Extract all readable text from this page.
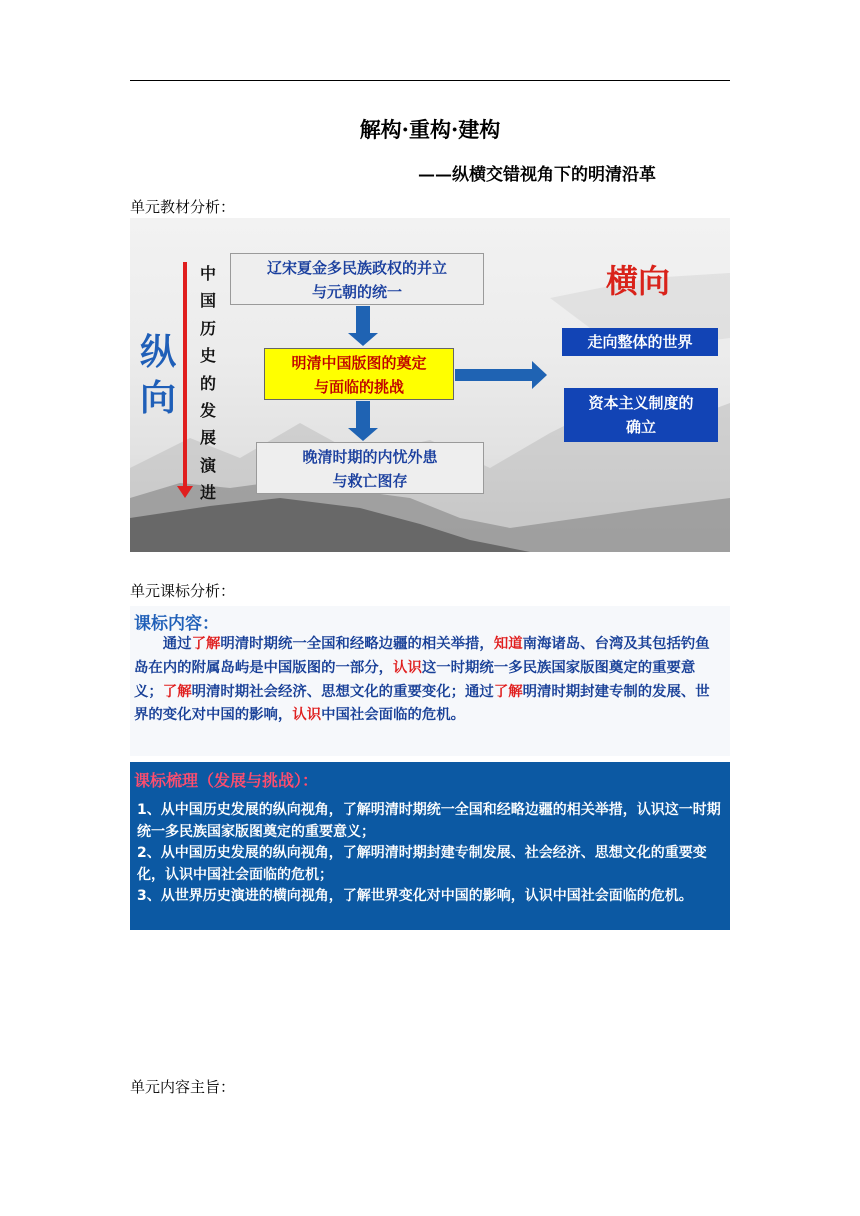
解构·重构·建构
——纵横交错视角下的明清沿革
单元教材分析：
纵向
横向
中国历史的发展演进
辽宋夏金多民族政权的并立
与元朝的统一
明清中国版图的奠定
与面临的挑战
晚清时期的内忧外患
与救亡图存
走向整体的世界
资本主义制度的
确立
单元课标分析：
课标内容：
　　通过了解明清时期统一全国和经略边疆的相关举措，知道南海诸岛、台湾及其包括钓鱼岛在内的附属岛屿是中国版图的一部分，认识这一时期统一多民族国家版图奠定的重要意义；了解明清时期社会经济、思想文化的重要变化；通过了解明清时期封建专制的发展、世界的变化对中国的影响，认识中国社会面临的危机。
课标梳理（发展与挑战）：
1、从中国历史发展的纵向视角，了解明清时期统一全国和经略边疆的相关举措，认识这一时期统一多民族国家版图奠定的重要意义；
2、从中国历史发展的纵向视角，了解明清时期封建专制发展、社会经济、思想文化的重要变化，认识中国社会面临的危机；
3、从世界历史演进的横向视角，了解世界变化对中国的影响，认识中国社会面临的危机。
单元内容主旨：
